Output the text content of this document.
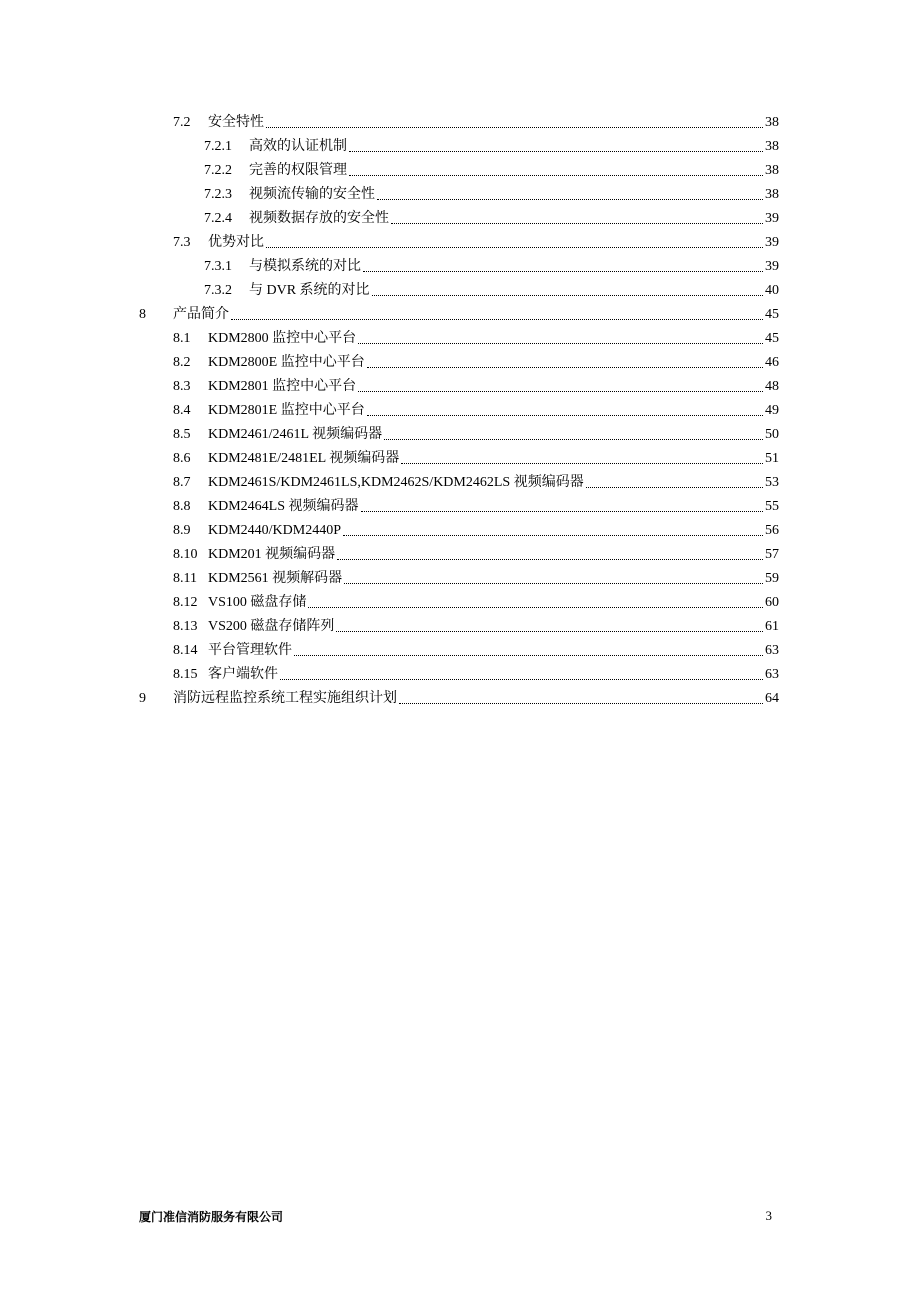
7.2	安全特性	38
7.2.1	高效的认证机制	38
7.2.2	完善的权限管理	38
7.2.3	视频流传输的安全性	38
7.2.4	视频数据存放的安全性	39
7.3	优势对比	39
7.3.1	与模拟系统的对比	39
7.3.2	与 DVR 系统的对比	40
8	产品简介	45
8.1	KDM2800 监控中心平台	45
8.2	KDM2800E 监控中心平台	46
8.3	KDM2801 监控中心平台	48
8.4	KDM2801E 监控中心平台	49
8.5	KDM2461/2461L 视频编码器	50
8.6	KDM2481E/2481EL 视频编码器	51
8.7	KDM2461S/KDM2461LS,KDM2462S/KDM2462LS 视频编码器	53
8.8	KDM2464LS 视频编码器	55
8.9	KDM2440/KDM2440P	56
8.10 KDM201 视频编码器	57
8.11 KDM2561 视频解码器	59
8.12 VS100 磁盘存储	60
8.13 VS200 磁盘存储阵列	61
8.14 平台管理软件	63
8.15 客户端软件	63
9	消防远程监控系统工程实施组织计划	64
厦门准信消防服务有限公司	3
